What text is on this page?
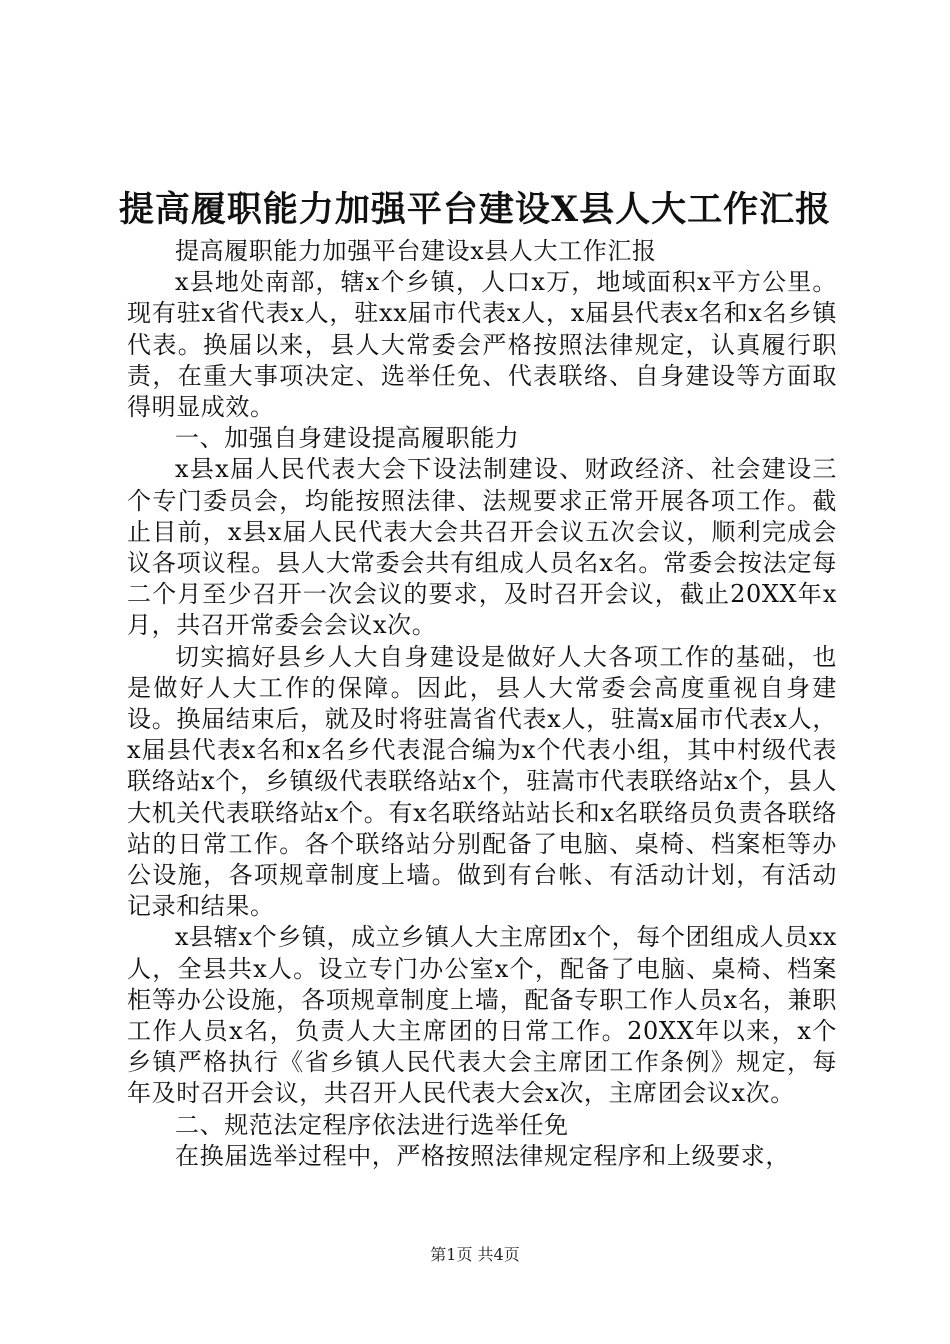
提高履职能力加强平台建设X县人大工作汇报

提高履职能力加强平台建设x县人大工作汇报

x县地处南部，辖x个乡镇，人口x万，地域面积x平方公里。现有驻x省代表x人，驻xx届市代表x人，x届县代表x名和x名乡镇代表。换届以来，县人大常委会严格按照法律规定，认真履行职责，在重大事项决定、选举任免、代表联络、自身建设等方面取得明显成效。

一、加强自身建设提高履职能力

x县x届人民代表大会下设法制建设、财政经济、社会建设三个专门委员会，均能按照法律、法规要求正常开展各项工作。截止目前，x县x届人民代表大会共召开会议五次会议，顺利完成会议各项议程。县人大常委会共有组成人员名x名。常委会按法定每二个月至少召开一次会议的要求，及时召开会议，截止20XX年x月，共召开常委会会议x次。

切实搞好县乡人大自身建设是做好人大各项工作的基础，也是做好人大工作的保障。因此，县人大常委会高度重视自身建设。换届结束后，就及时将驻嵩省代表x人，驻嵩x届市代表x人，x届县代表x名和x名乡代表混合编为x个代表小组，其中村级代表联络站x个，乡镇级代表联络站x个，驻嵩市代表联络站x个，县人大机关代表联络站x个。有x名联络站站长和x名联络员负责各联络站的日常工作。各个联络站分别配备了电脑、桌椅、档案柜等办公设施，各项规章制度上墙。做到有台帐、有活动计划，有活动记录和结果。

x县辖x个乡镇，成立乡镇人大主席团x个，每个团组成人员xx人，全县共x人。设立专门办公室x个，配备了电脑、桌椅、档案柜等办公设施，各项规章制度上墙，配备专职工作人员x名，兼职工作人员x名，负责人大主席团的日常工作。20XX年以来，x个乡镇严格执行《省乡镇人民代表大会主席团工作条例》规定，每年及时召开会议，共召开人民代表大会x次，主席团会议x次。

二、规范法定程序依法进行选举任免

在换届选举过程中，严格按照法律规定程序和上级要求，

第1页 共4页
